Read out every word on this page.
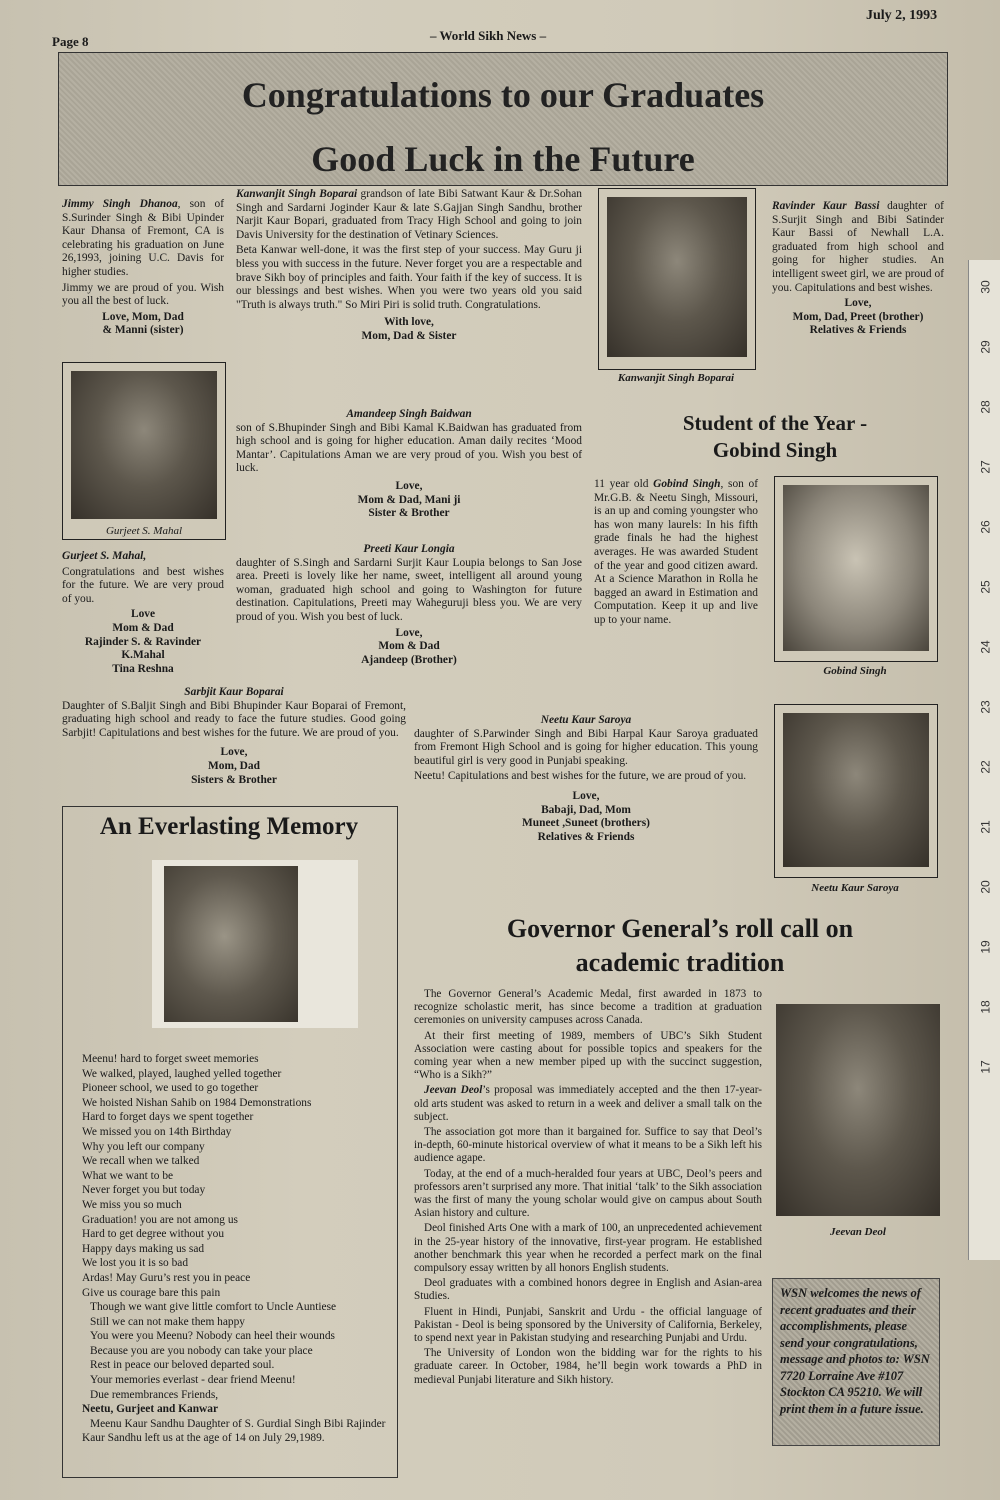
Page 8	– World Sikh News –
July 2, 1993
Congratulations to our Graduates
Good Luck in the Future

Jimmy Singh Dhanoa, son of S.Surinder Singh & Bibi Upinder Kaur Dhansa of Fremont, CA is celebrating his graduation on June 26,1993, joining U.C. Davis for higher studies.

Jimmy we are proud of you. Wish you all the best of luck.

Love, Mom, Dad
& Manni (sister)
Gurjeet S. Mahal

Gurjeet S. Mahal,

Congratulations and best wishes for the future. We are very proud of you.

Love
Mom & Dad
Rajinder S. & Ravinder
K.Mahal
Tina Reshna

Kanwanjit Singh Boparai grandson of late Bibi Satwant Kaur & Dr.Sohan Singh and Sardarni Joginder Kaur & late S.Gajjan Singh Sandhu, brother Narjit Kaur Bopari, graduated from Tracy High School and going to join Davis University for the destination of Vetinary Sciences.

Beta Kanwar well-done, it was the first step of your success. May Guru ji bless you with success in the future. Never forget you are a respectable and brave Sikh boy of principles and faith. Your faith if the key of success. It is our blessings and best wishes. When you were two years old you said "Truth is always truth." So Miri Piri is solid truth. Congratulations.

With love,
Mom, Dad & Sister
Amandeep Singh Baidwan

son of S.Bhupinder Singh and Bibi Kamal K.Baidwan has graduated from high school and is going for higher education. Aman daily recites ‘Mood Mantar’. Capitulations Aman we are very proud of you. Wish you best of luck.

Love,
Mom & Dad, Mani ji
Sister & Brother
Preeti Kaur Longia

daughter of S.Singh and Sardarni Surjit Kaur Loupia belongs to San Jose area. Preeti is lovely like her name, sweet, intelligent all around young woman, graduated high school and going to Washington for future destination. Capitulations, Preeti may Waheguruji bless you. We are very proud of you. Wish you best of luck.

Love,
Mom & Dad
Ajandeep (Brother)
Sarbjit Kaur Boparai

Daughter of S.Baljit Singh and Bibi Bhupinder Kaur Boparai of Fremont, graduating high school and ready to face the future studies. Good going Sarbjit! Capitulations and best wishes for the future. We are proud of you.

Love,
Mom, Dad
Sisters & Brother
Kanwanjit Singh Boparai

Ravinder Kaur Bassi daughter of S.Surjit Singh and Bibi Satinder Kaur Bassi of Newhall L.A. graduated from high school and going for higher studies. An intelligent sweet girl, we are proud of you. Capitulations and best wishes.

Love,
Mom, Dad, Preet (brother)
Relatives & Friends
Student of the Year -
Gobind Singh

11 year old Gobind Singh, son of Mr.G.B. & Neetu Singh, Missouri, is an up and coming youngster who has won many laurels: In his fifth grade finals he had the highest averages. He was awarded Student of the year and good citizen award. At a Science Marathon in Rolla he bagged an award in Estimation and Computation. Keep it up and live up to your name.

Gobind Singh
Neetu Kaur Saroya

daughter of S.Parwinder Singh and Bibi Harpal Kaur Saroya graduated from Fremont High School and is going for higher education. This young beautiful girl is very good in Punjabi speaking.

Neetu! Capitulations and best wishes for the future, we are proud of you.

Love,
Babaji, Dad, Mom
Muneet ,Suneet (brothers)
Relatives & Friends
Neetu Kaur Saroya
An Everlasting Memory
Meenu! hard to forget sweet memories
We walked, played, laughed yelled together
Pioneer school, we used to go together
We hoisted Nishan Sahib on 1984 Demonstrations
Hard to forget days we spent together
We missed you on 14th Birthday
Why you left our company
We recall when we talked
What we want to be
Never forget you but today
We miss you so much
Graduation! you are not among us
Hard to get degree without you
Happy days making us sad
We lost you it is so bad
Ardas! May Guru’s rest you in peace
Give us courage bare this pain
Though we want give little comfort to Uncle Auntiese
Still we can not make them happy
You were you Meenu? Nobody can heel their wounds
Because you are you nobody can take your place
Rest in peace our beloved departed soul.
Your memories everlast - dear friend Meenu!
Due remembrances Friends,
Neetu, Gurjeet and Kanwar
Meenu Kaur Sandhu Daughter of S. Gurdial Singh Bibi Rajinder Kaur Sandhu left us at the age of 14 on July 29,1989.
Governor General’s roll call on
academic tradition

The Governor General’s Academic Medal, first awarded in 1873 to recognize scholastic merit, has since become a tradition at graduation ceremonies on university campuses across Canada.

At their first meeting of 1989, members of UBC’s Sikh Student Association were casting about for possible topics and speakers for the coming year when a new member piped up with the succinct suggestion, “Who is a Sikh?”

Jeevan Deol’s proposal was immediately accepted and the then 17-year-old arts student was asked to return in a week and deliver a small talk on the subject.

The association got more than it bargained for. Suffice to say that Deol’s in-depth, 60-minute historical overview of what it means to be a Sikh left his audience agape.

Today, at the end of a much-heralded four years at UBC, Deol’s peers and professors aren’t surprised any more. That initial ‘talk’ to the Sikh association was the first of many the young scholar would give on campus about South Asian history and culture.

Deol finished Arts One with a mark of 100, an unprecedented achievement in the 25-year history of the innovative, first-year program. He established another benchmark this year when he recorded a perfect mark on the final compulsory essay written by all honors English students.

Deol graduates with a combined honors degree in English and Asian-area Studies.

Fluent in Hindi, Punjabi, Sanskrit and Urdu - the official language of Pakistan - Deol is being sponsored by the University of California, Berkeley, to spend next year in Pakistan studying and researching Punjabi and Urdu.

The University of London won the bidding war for the rights to his graduate career. In October, 1984, he’ll begin work towards a PhD in medieval Punjabi literature and Sikh history.

Jeevan Deol
WSN welcomes the news of recent graduates and their accomplishments, please send your congratulations, message and photos to: WSN 7720 Lorraine Ave #107 Stockton CA 95210. We will print them in a future issue.
30
29
28
27
26
25
24
23
22
21
20
19
18
17
